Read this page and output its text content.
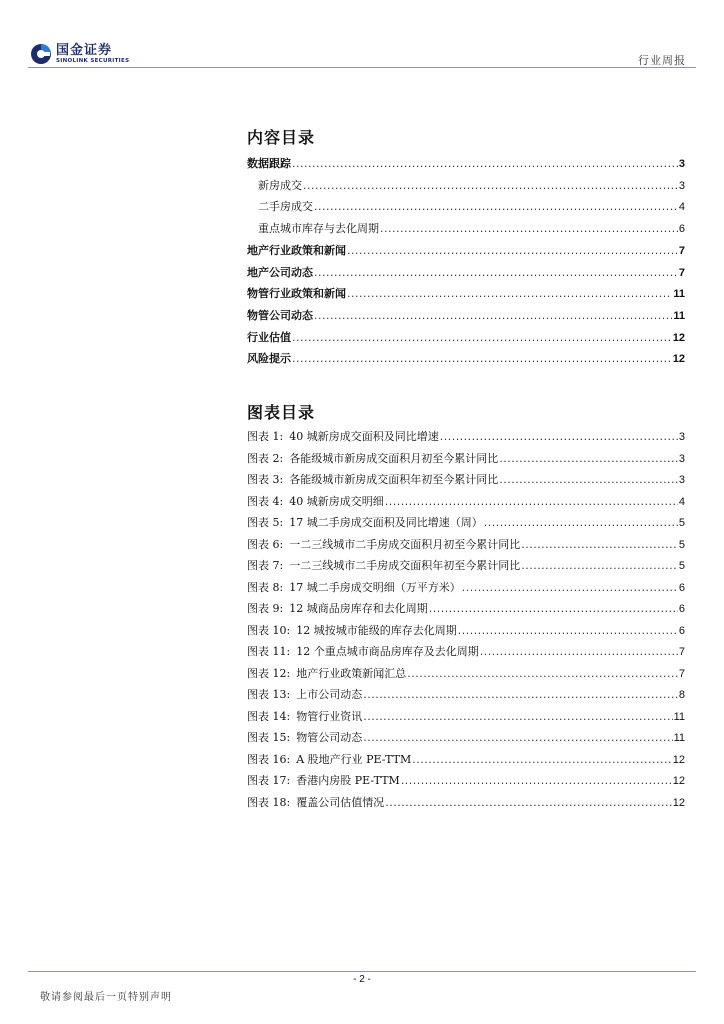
国金证券
SINOLINK SECURITIES	行业周报
内容目录
数据跟踪 .....	3
新房成交 .....	3
二手房成交 .....	4
重点城市库存与去化周期 .....	6
地产行业政策和新闻 .....	7
地产公司动态 .....	7
物管行业政策和新闻 .....	11
物管公司动态 .....	11
行业估值 .....	12
风险提示 .....	12
图表目录
图表 1: 40 城新房成交面积及同比增速 .....	3
图表 2: 各能级城市新房成交面积月初至今累计同比 .....	3
图表 3: 各能级城市新房成交面积年初至今累计同比 .....	3
图表 4: 40 城新房成交明细 .....	4
图表 5: 17 城二手房成交面积及同比增速（周） .....	5
图表 6: 一二三线城市二手房成交面积月初至今累计同比 .....	5
图表 7: 一二三线城市二手房成交面积年初至今累计同比 .....	5
图表 8: 17 城二手房成交明细（万平方米） .....	6
图表 9: 12 城商品房库存和去化周期 .....	6
图表 10: 12 城按城市能级的库存去化周期 .....	6
图表 11: 12 个重点城市商品房库存及去化周期 .....	7
图表 12: 地产行业政策新闻汇总 .....	7
图表 13: 上市公司动态 .....	8
图表 14: 物管行业资讯 .....	11
图表 15: 物管公司动态 .....	11
图表 16: A 股地产行业 PE-TTM .....	12
图表 17: 香港内房股 PE-TTM .....	12
图表 18: 覆盖公司估值情况 .....	12
- 2 -
敬请参阅最后一页特别声明
